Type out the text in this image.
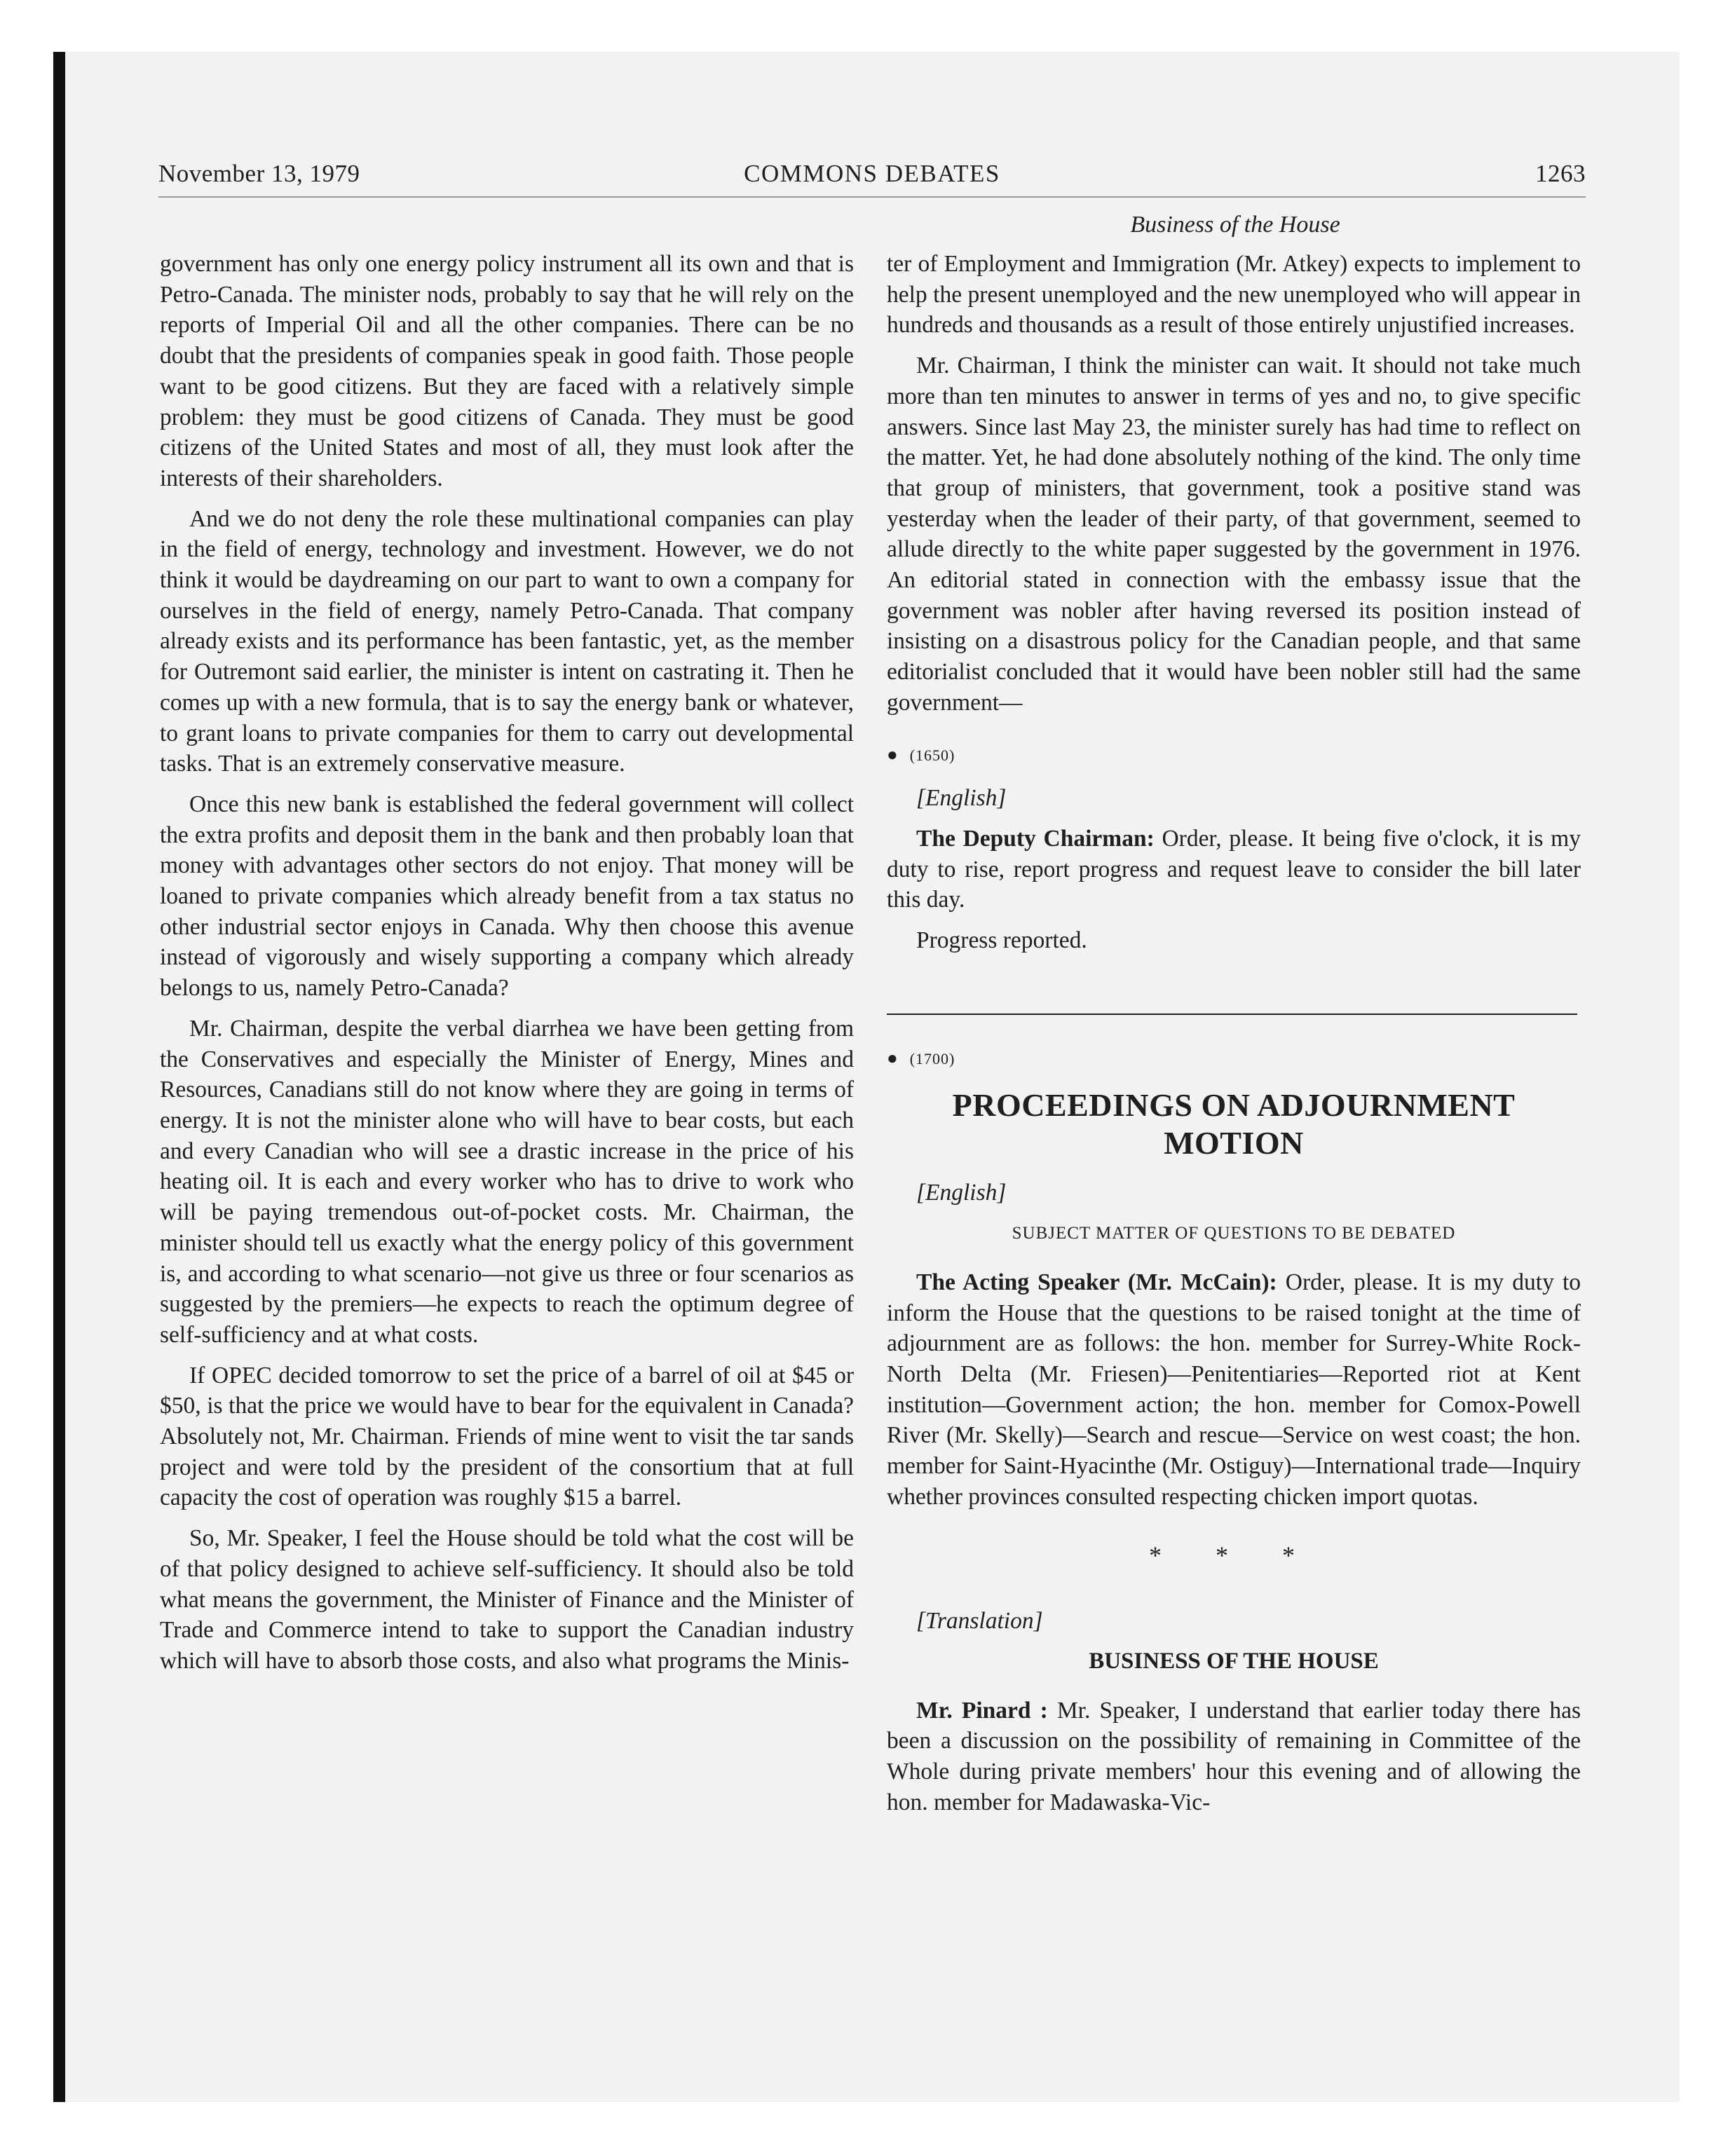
November 13, 1979	COMMONS DEBATES	1263
Business of the House

government has only one energy policy instrument all its own and that is Petro-Canada. The minister nods, probably to say that he will rely on the reports of Imperial Oil and all the other companies. There can be no doubt that the presidents of companies speak in good faith. Those people want to be good citizens. But they are faced with a relatively simple problem: they must be good citizens of Canada. They must be good citizens of the United States and most of all, they must look after the interests of their shareholders.

And we do not deny the role these multinational companies can play in the field of energy, technology and investment. However, we do not think it would be daydreaming on our part to want to own a company for ourselves in the field of energy, namely Petro-Canada. That company already exists and its performance has been fantastic, yet, as the member for Outremont said earlier, the minister is intent on castrating it. Then he comes up with a new formula, that is to say the energy bank or whatever, to grant loans to private companies for them to carry out developmental tasks. That is an extremely conservative measure.

Once this new bank is established the federal government will collect the extra profits and deposit them in the bank and then probably loan that money with advantages other sectors do not enjoy. That money will be loaned to private companies which already benefit from a tax status no other industrial sector enjoys in Canada. Why then choose this avenue instead of vigorously and wisely supporting a company which already belongs to us, namely Petro-Canada?

Mr. Chairman, despite the verbal diarrhea we have been getting from the Conservatives and especially the Minister of Energy, Mines and Resources, Canadians still do not know where they are going in terms of energy. It is not the minister alone who will have to bear costs, but each and every Canadian who will see a drastic increase in the price of his heating oil. It is each and every worker who has to drive to work who will be paying tremendous out-of-pocket costs. Mr. Chairman, the minister should tell us exactly what the energy policy of this government is, and according to what scenario—not give us three or four scenarios as suggested by the premiers—he expects to reach the optimum degree of self-sufficiency and at what costs.

If OPEC decided tomorrow to set the price of a barrel of oil at $45 or $50, is that the price we would have to bear for the equivalent in Canada? Absolutely not, Mr. Chairman. Friends of mine went to visit the tar sands project and were told by the president of the consortium that at full capacity the cost of operation was roughly $15 a barrel.

So, Mr. Speaker, I feel the House should be told what the cost will be of that policy designed to achieve self-sufficiency. It should also be told what means the government, the Minister of Finance and the Minister of Trade and Commerce intend to take to support the Canadian industry which will have to absorb those costs, and also what programs the Minis-

ter of Employment and Immigration (Mr. Atkey) expects to implement to help the present unemployed and the new unemployed who will appear in hundreds and thousands as a result of those entirely unjustified increases.

Mr. Chairman, I think the minister can wait. It should not take much more than ten minutes to answer in terms of yes and no, to give specific answers. Since last May 23, the minister surely has had time to reflect on the matter. Yet, he had done absolutely nothing of the kind. The only time that group of ministers, that government, took a positive stand was yesterday when the leader of their party, of that government, seemed to allude directly to the white paper suggested by the government in 1976. An editorial stated in connection with the embassy issue that the government was nobler after having reversed its position instead of insisting on a disastrous policy for the Canadian people, and that same editorialist concluded that it would have been nobler still had the same government—

● (1650)

[English]

The Deputy Chairman: Order, please. It being five o'clock, it is my duty to rise, report progress and request leave to consider the bill later this day.

Progress reported.

● (1700)
PROCEEDINGS ON ADJOURNMENT MOTION

[English]

SUBJECT MATTER OF QUESTIONS TO BE DEBATED

The Acting Speaker (Mr. McCain): Order, please. It is my duty to inform the House that the questions to be raised tonight at the time of adjournment are as follows: the hon. member for Surrey-White Rock-North Delta (Mr. Friesen)—Penitentiaries—Reported riot at Kent institution—Government action; the hon. member for Comox-Powell River (Mr. Skelly)—Search and rescue—Service on west coast; the hon. member for Saint-Hyacinthe (Mr. Ostiguy)—International trade—Inquiry whether provinces consulted respecting chicken import quotas.

* * *

[Translation]

BUSINESS OF THE HOUSE

Mr. Pinard : Mr. Speaker, I understand that earlier today there has been a discussion on the possibility of remaining in Committee of the Whole during private members' hour this evening and of allowing the hon. member for Madawaska-Vic-
